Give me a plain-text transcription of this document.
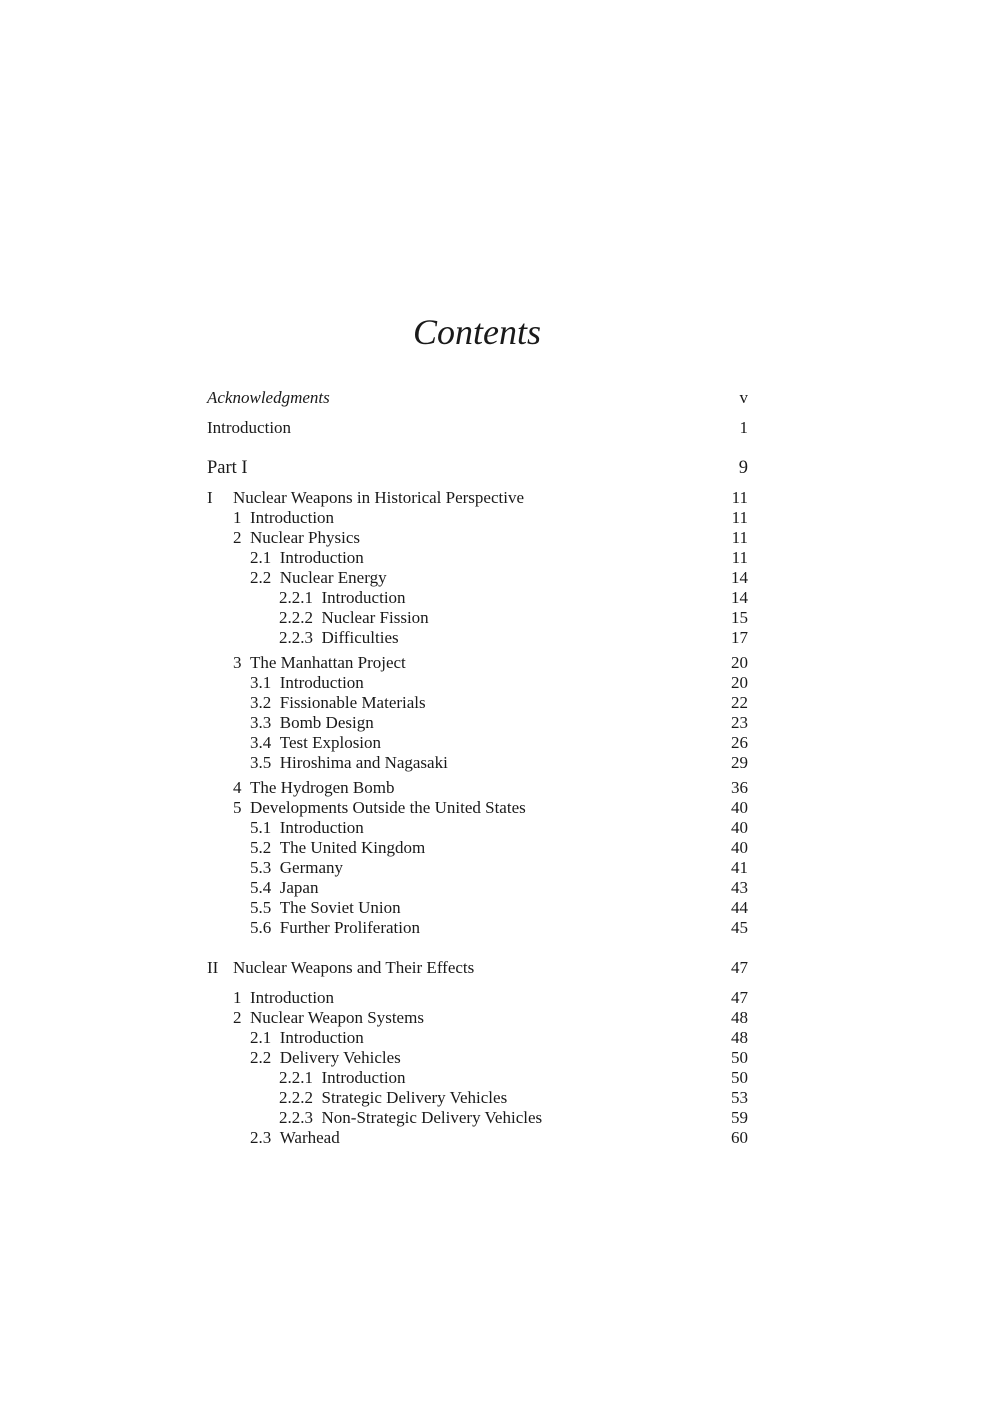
Contents
Acknowledgments	v
Introduction	1
Part I	9
I Nuclear Weapons in Historical Perspective	11
1 Introduction	11
2 Nuclear Physics	11
2.1 Introduction	11
2.2 Nuclear Energy	14
2.2.1 Introduction	14
2.2.2 Nuclear Fission	15
2.2.3 Difficulties	17
3 The Manhattan Project	20
3.1 Introduction	20
3.2 Fissionable Materials	22
3.3 Bomb Design	23
3.4 Test Explosion	26
3.5 Hiroshima and Nagasaki	29
4 The Hydrogen Bomb	36
5 Developments Outside the United States	40
5.1 Introduction	40
5.2 The United Kingdom	40
5.3 Germany	41
5.4 Japan	43
5.5 The Soviet Union	44
5.6 Further Proliferation	45
II Nuclear Weapons and Their Effects	47
1 Introduction	47
2 Nuclear Weapon Systems	48
2.1 Introduction	48
2.2 Delivery Vehicles	50
2.2.1 Introduction	50
2.2.2 Strategic Delivery Vehicles	53
2.2.3 Non-Strategic Delivery Vehicles	59
2.3 Warhead	60
